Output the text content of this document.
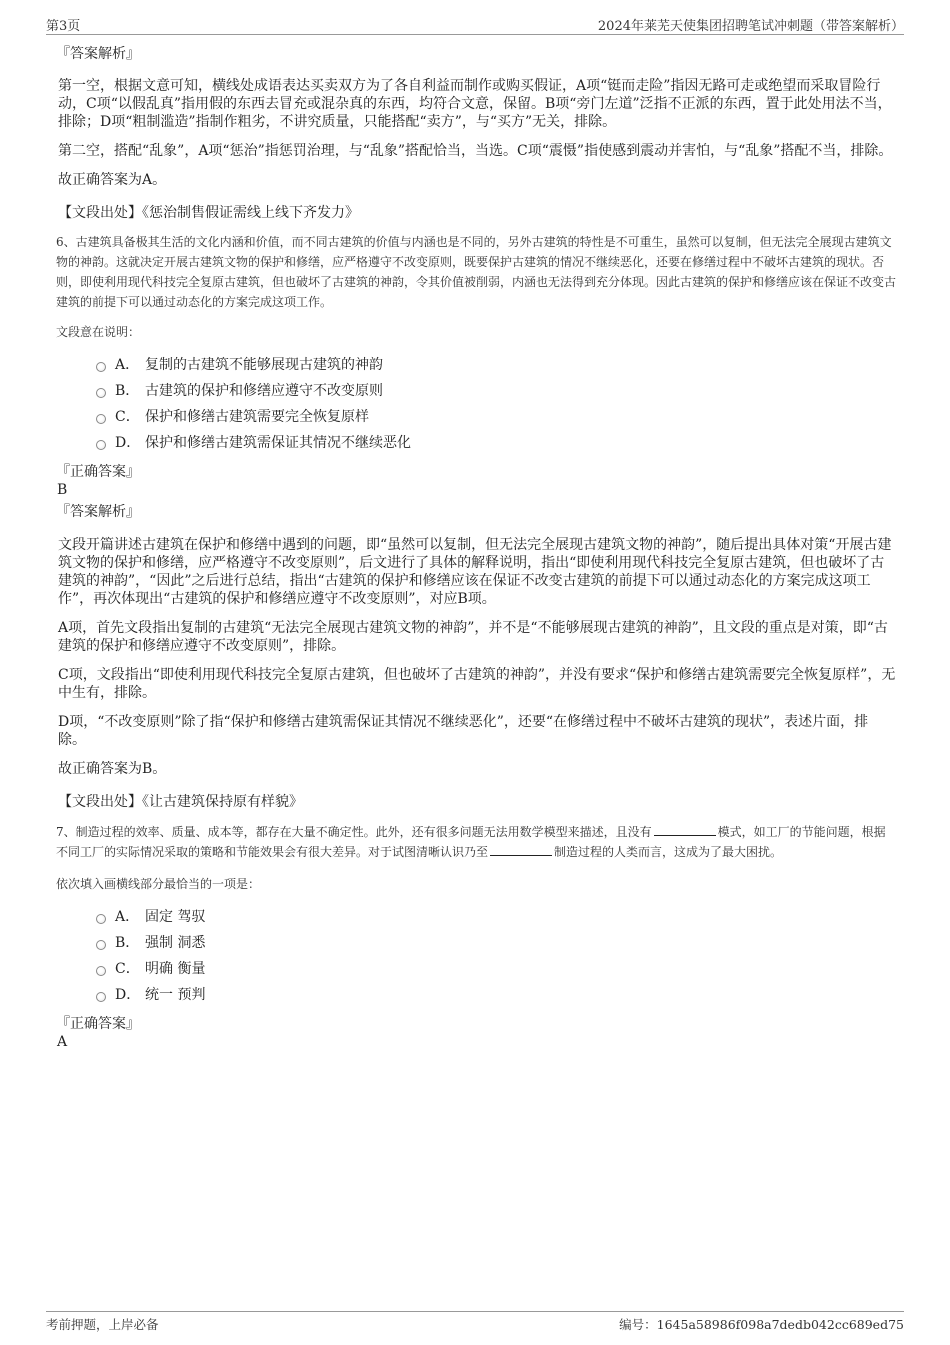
第3页	2024年莱芜天使集团招聘笔试冲刺题（带答案解析）

『答案解析』

第一空，根据文意可知，横线处成语表达买卖双方为了各自利益而制作或购买假证，A项“铤而走险”指因无路可走或绝望而采取冒险行动，C项“以假乱真”指用假的东西去冒充或混杂真的东西，均符合文意，保留。B项“旁门左道”泛指不正派的东西，置于此处用法不当，排除；D项“粗制滥造”指制作粗劣，不讲究质量，只能搭配“卖方”，与“买方”无关，排除。

第二空，搭配“乱象”，A项“惩治”指惩罚治理，与“乱象”搭配恰当，当选。C项“震慑”指使感到震动并害怕，与“乱象”搭配不当，排除。

故正确答案为A。

【文段出处】《惩治制售假证需线上线下齐发力》

6、古建筑具备极其生活的文化内涵和价值，而不同古建筑的价值与内涵也是不同的，另外古建筑的特性是不可重生，虽然可以复制，但无法完全展现古建筑文物的神韵。这就决定开展古建筑文物的保护和修缮，应严格遵守不改变原则，既要保护古建筑的情况不继续恶化，还要在修缮过程中不破坏古建筑的现状。否则，即使利用现代科技完全复原古建筑，但也破坏了古建筑的神韵，令其价值被削弱，内涵也无法得到充分体现。因此古建筑的保护和修缮应该在保证不改变古建筑的前提下可以通过动态化的方案完成这项工作。

文段意在说明：

A． 复制的古建筑不能够展现古建筑的神韵
B． 古建筑的保护和修缮应遵守不改变原则
C． 保护和修缮古建筑需要完全恢复原样
D． 保护和修缮古建筑需保证其情况不继续恶化

『正确答案』

B

『答案解析』

文段开篇讲述古建筑在保护和修缮中遇到的问题，即“虽然可以复制，但无法完全展现古建筑文物的神韵”，随后提出具体对策“开展古建筑文物的保护和修缮，应严格遵守不改变原则”，后文进行了具体的解释说明，指出“即使利用现代科技完全复原古建筑，但也破坏了古建筑的神韵”，“因此”之后进行总结，指出“古建筑的保护和修缮应该在保证不改变古建筑的前提下可以通过动态化的方案完成这项工作”，再次体现出“古建筑的保护和修缮应遵守不改变原则”，对应B项。

A项，首先文段指出复制的古建筑“无法完全展现古建筑文物的神韵”，并不是“不能够展现古建筑的神韵”，且文段的重点是对策，即“古建筑的保护和修缮应遵守不改变原则”，排除。

C项，文段指出“即使利用现代科技完全复原古建筑，但也破坏了古建筑的神韵”，并没有要求“保护和修缮古建筑需要完全恢复原样”，无中生有，排除。

D项，“不改变原则”除了指“保护和修缮古建筑需保证其情况不继续恶化”，还要“在修缮过程中不破坏古建筑的现状”，表述片面，排除。

故正确答案为B。

【文段出处】《让古建筑保持原有样貌》

7、制造过程的效率、质量、成本等，都存在大量不确定性。此外，还有很多问题无法用数学模型来描述，且没有	模式，如工厂的节能问题，根据不同工厂的实际情况采取的策略和节能效果会有很大差异。对于试图清晰认识乃至	制造过程的人类而言，这成为了最大困扰。

依次填入画横线部分最恰当的一项是：

A． 固定 驾驭
B． 强制 洞悉
C． 明确 衡量
D． 统一 预判

『正确答案』

A

考前押题，上岸必备	编号：1645a58986f098a7dedb042cc689ed75
